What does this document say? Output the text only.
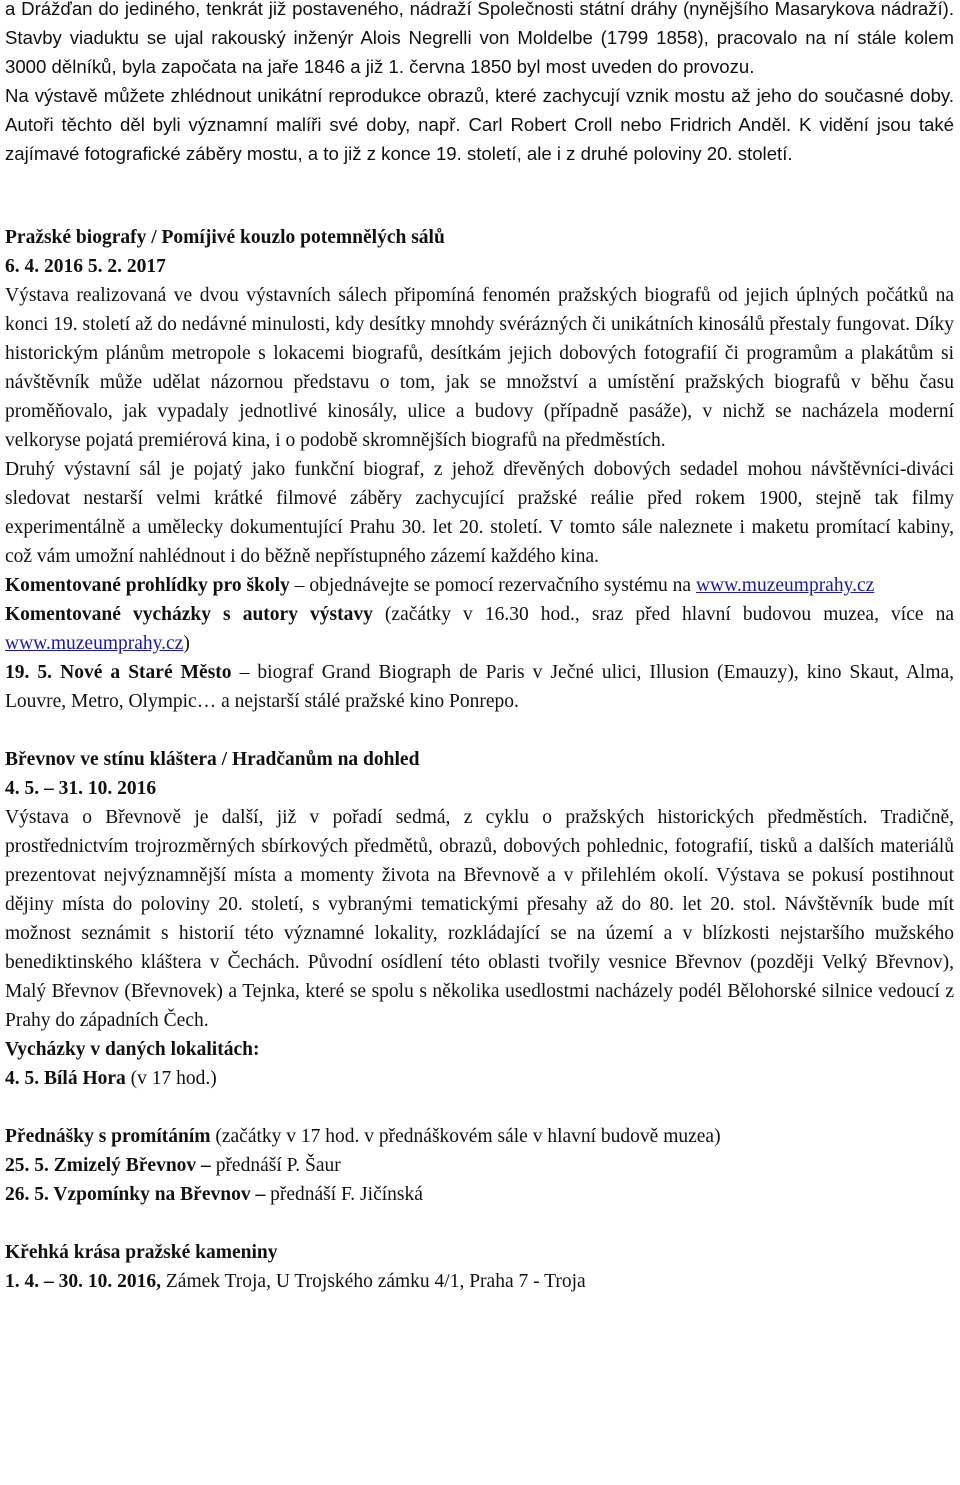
a Drážďan do jediného, tenkrát již postaveného, nádraží Společnosti státní dráhy (nynějšího Masarykova nádraží). Stavby viaduktu se ujal rakouský inženýr Alois Negrelli von Moldelbe (1799 1858), pracovalo na ní stále kolem 3000 dělníků, byla započata na jaře 1846 a již 1. června 1850 byl most uveden do provozu.

Na výstavě můžete zhlédnout unikátní reprodukce obrazů, které zachycují vznik mostu až jeho do současné doby. Autoři těchto děl byli významní malíři své doby, např. Carl Robert Croll nebo Fridrich Anděl. K vidění jsou také zajímavé fotografické záběry mostu, a to již z konce 19. století, ale i z druhé poloviny 20. století.

Pražské biografy / Pomíjivé kouzlo potemnělých sálů

6. 4. 2016 5. 2. 2017

Výstava realizovaná ve dvou výstavních sálech připomíná fenomén pražských biografů od jejich úplných počátků na konci 19. století až do nedávné minulosti, kdy desítky mnohdy svérázných či unikátních kinosálů přestaly fungovat. Díky historickým plánům metropole s lokacemi biografů, desítkám jejich dobových fotografií či programům a plakátům si návštěvník může udělat názornou představu o tom, jak se množství a umístění pražských biografů v běhu času proměňovalo, jak vypadaly jednotlivé kinosály, ulice a budovy (případně pasáže), v nichž se nacházela moderní velkoryse pojatá premiérová kina, i o podobě skromnějších biografů na předměstích.

Druhý výstavní sál je pojatý jako funkční biograf, z jehož dřevěných dobových sedadel mohou návštěvníci-diváci sledovat nestarší velmi krátké filmové záběry zachycující pražské reálie před rokem 1900, stejně tak filmy experimentálně a umělecky dokumentující Prahu 30. let 20. století. V tomto sále naleznete i maketu promítací kabiny, což vám umožní nahlédnout i do běžně nepřístupného zázemí každého kina.

Komentované prohlídky pro školy – objednávejte se pomocí rezervačního systému na www.muzeumprahy.cz

Komentované vycházky s autory výstavy (začátky v 16.30 hod., sraz před hlavní budovou muzea, více na www.muzeumprahy.cz)

19. 5. Nové a Staré Město – biograf Grand Biograph de Paris v Ječné ulici, Illusion (Emauzy), kino Skaut, Alma, Louvre, Metro, Olympic… a nejstarší stálé pražské kino Ponrepo.

Břevnov ve stínu kláštera / Hradčanům na dohled

4. 5. – 31. 10. 2016

Výstava o Břevnově je další, již v pořadí sedmá, z cyklu o pražských historických předměstích. Tradičně, prostřednictvím trojrozměrných sbírkových předmětů, obrazů, dobových pohlednic, fotografií, tisků a dalších materiálů prezentovat nejvýznamnější místa a momenty života na Břevnově a v přilehlém okolí. Výstava se pokusí postihnout dějiny místa do poloviny 20. století, s vybranými tematickými přesahy až do 80. let 20. stol. Návštěvník bude mít možnost seznámit s historií této významné lokality, rozkládající se na území a v blízkosti nejstaršího mužského benediktinského kláštera v Čechách. Původní osídlení této oblasti tvořily vesnice Břevnov (později Velký Břevnov), Malý Břevnov (Břevnovek) a Tejnka, které se spolu s několika usedlostmi nacházely podél Bělohorské silnice vedoucí z Prahy do západních Čech.

Vycházky v daných lokalitách:

4. 5. Bílá Hora (v 17 hod.)

Přednášky s promítáním (začátky v 17 hod. v přednáškovém sále v hlavní budově muzea)

25. 5. Zmizelý Břevnov – přednáší P. Šaur

26. 5. Vzpomínky na Břevnov – přednáší F. Jičínská

Křehká krása pražské kameniny

1. 4. – 30. 10. 2016, Zámek Troja, U Trojského zámku 4/1, Praha 7 - Troja
